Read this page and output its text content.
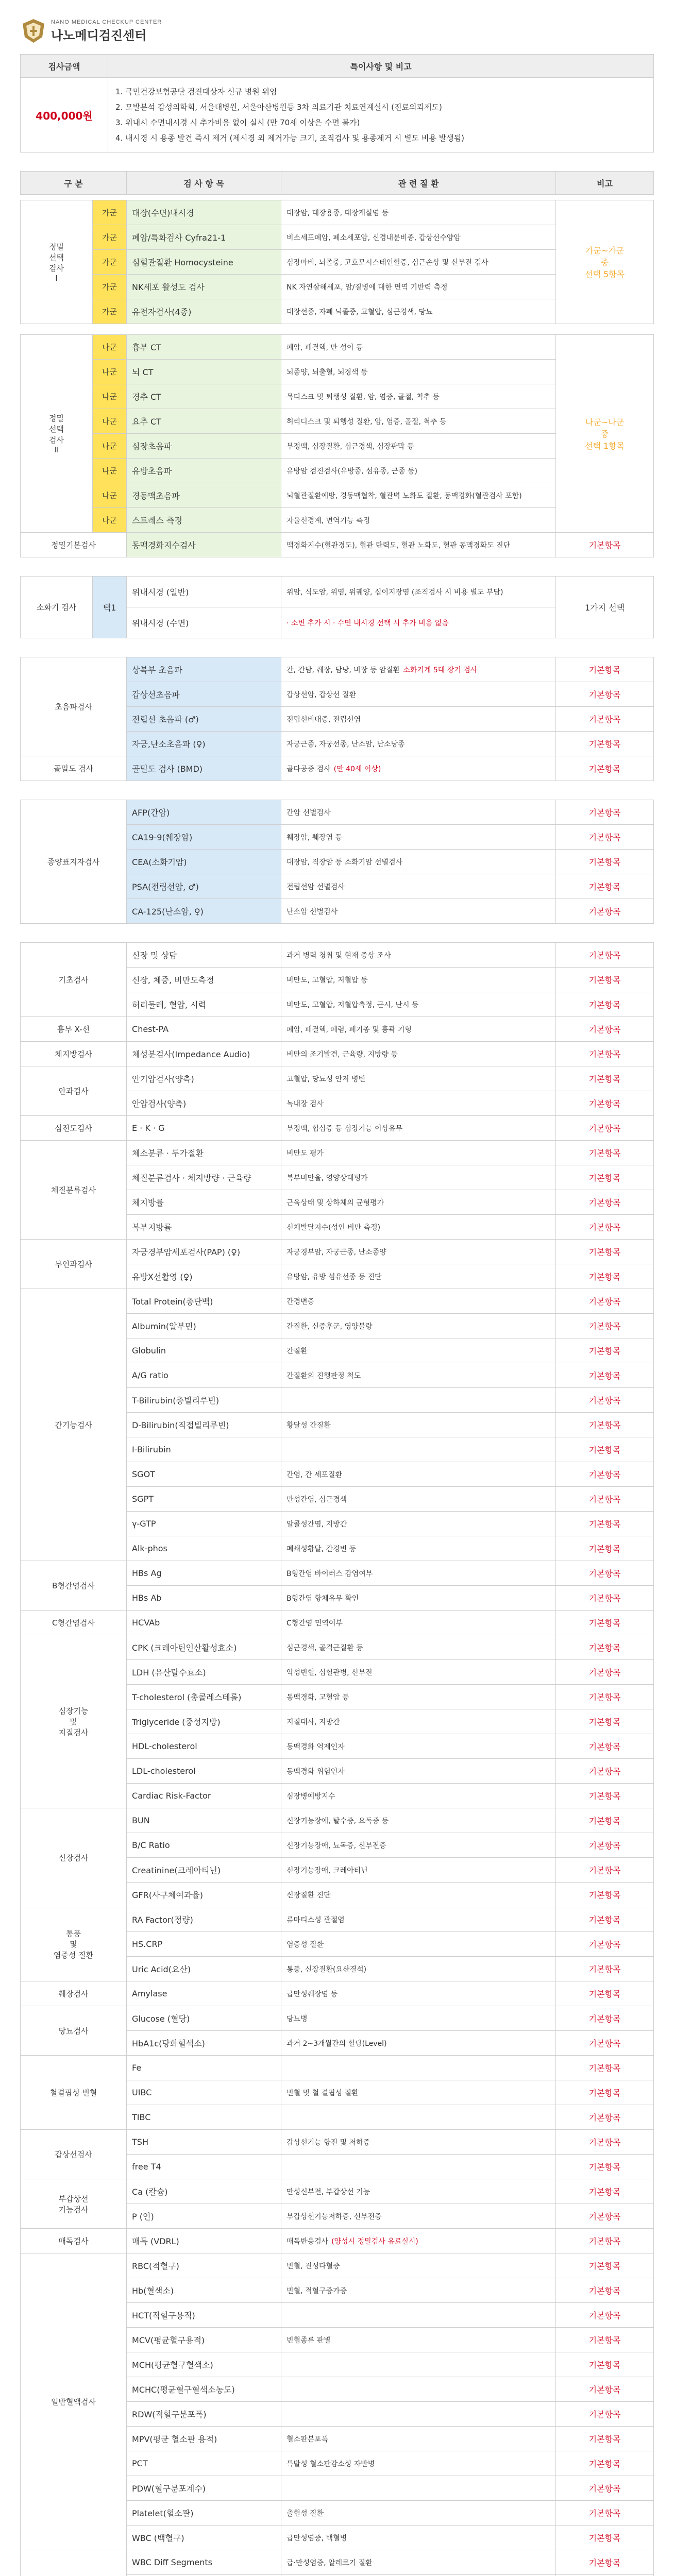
NANO MEDICAL CHECKUP CENTER
나노메디검진센터
검사금액	특이사항 및 비고
400,000원	1. 국민건강보험공단 검진대상자 신규 병원 위임
2. 모발분석 감성의학회, 서울대병원, 서울아산병원등 3차 의료기관 치료연계실시 (진료의뢰제도)
3. 위내시 수면내시경 시 추가비용 없이 실시 (만 70세 이상은 수면 불가)
4. 내시경 시 용종 발견 즉시 제거 (제시경 외 제거가능 크기, 조직검사 및 용종제거 시 별도 비용 발생됨)
구 분		검 사 항 목	관 련 질 환	비고

정밀
선택
검사
Ⅰ	가군	대장(수면)내시경	대장암, 대장용종, 대장게실염 등	가군~가군
중
선택 5항목
	가군	폐암/특화검사 Cyfra21-1	비소세포폐암, 폐소세포암, 신경내분비종, 갑상선수양암	
	가군	심혈관질환 Homocysteine	심장마비, 뇌졸중, 고호모시스테인혈증, 심근손상 및 신부전 검사	
	가군	NK세포 활성도 검사	NK 자연살해세포, 암/질병에 대한 면역 기반력 측정	
	가군	유전자검사(4종)	대장선종, 자폐 뇌졸중, 고혈압, 심근경색, 당뇨	

정밀
선택
검사
Ⅱ	나군	흉부 CT	폐암, 폐결핵, 만 성이 등	나군~나군
중
선택 1항목
	나군	뇌 CT	뇌종양, 뇌출혈, 뇌경색 등	
	나군	경추 CT	목디스크 및 퇴행성 질환, 암, 염증, 골절, 척추 등	
	나군	요추 CT	허리디스크 및 퇴행성 질환, 암, 염증, 골절, 척추 등	
	나군	심장초음파	부정맥, 심장질환, 심근경색, 심장판막 등	
	나군	유방초음파	유방암 검진검사(유방종, 섬유종, 근종 등)	
	나군	경동맥초음파	뇌혈관질환예방, 경동맥협착, 혈관벽 노화도 질환, 동맥경화(혈관검사 포함)	
	나군	스트레스 측정	자율신경계, 면역기능 측정	
정밀기본검사		동맥경화지수검사	맥경화지수(혈관경도), 혈관 탄력도, 혈관 노화도, 혈관 동맥경화도 진단	기본항목

소화기 검사	택1	위내시경 (일반)	위암, 식도암, 위염, 위궤양, 십이지장염 (조직검사 시 비용 별도 부담)	1가지 선택
		위내시경 (수면)	· 소변 추가 시 · 수면 내시경 선택 시 추가 비용 없음	

초음파검사		상복부 초음파	간, 간담, 췌장, 담낭, 비장 등 암질환 소화기계 5대 장기 검사	기본항목
		갑상선초음파	갑상선암, 갑상선 질환	기본항목
		전립선 초음파 (♂)	전립선비대증, 전립선염	기본항목
		자궁,난소초음파 (♀)	자궁근종, 자궁선종, 난소암, 난소낭종	기본항목
골밀도 검사		골밀도 검사 (BMD)	골다공증 검사 (만 40세 이상)	기본항목

종양표지자검사		AFP(간암)	간암 선별검사	기본항목
		CA19-9(췌장암)	췌장암, 췌장염 등	기본항목
		CEA(소화기암)	대장암, 직장암 등 소화기암 선별검사	기본항목
		PSA(전립선암, ♂)	전립선암 선별검사	기본항목
		CA-125(난소암, ♀)	난소암 선별검사	기본항목

기초검사		신장 및 상담	과거 병력 청취 및 현재 증상 조사	기본항목
		신장, 체중, 비만도측정	비만도, 고혈압, 저혈압 등	기본항목
		허리둘레, 혈압, 시력	비만도, 고혈압, 저혈압측정, 근시, 난시 등	기본항목
흉부 X-선		Chest-PA	폐암, 폐결핵, 폐렴, 폐기종 및 흉곽 기형	기본항목
체지방검사		체성분검사(Impedance Audio)	비만의 조기발견, 근육량, 지방량 등	기본항목
안과검사		안기압검사(양측)	고혈압, 당뇨성 안저 병변	기본항목
		안압검사(양측)	녹내장 검사	기본항목
심전도검사		E · K · G	부정맥, 협심증 등 심장기능 이상유무	기본항목
체질분류검사		체소분류 · 두가절환	비만도 평가	기본항목
		체질분류검사 · 체지방량 · 근육량	복부비만율, 영양상태평가	기본항목
		체지방률	근육상태 및 상하체의 균형평가	기본항목
		복부지방률	신체발달지수(성인 비만 측정)	기본항목
부인과검사		자궁경부암세포검사(PAP) (♀)	자궁경부암, 자궁근종, 난소종양	기본항목
		유방X선촬영 (♀)	유방암, 유방 섬유선종 등 진단	기본항목
간기능검사		Total Protein(총단백)	간경변증	기본항목
		Albumin(알부민)	간질환, 신증후군, 영양불량	기본항목
		Globulin	간질환	기본항목
		A/G ratio	간질환의 진행판정 척도	기본항목
		T-Bilirubin(총빌리루빈)		기본항목
		D-Bilirubin(직접빌리루빈)	황달성 간질환	기본항목
		I-Bilirubin		기본항목
		SGOT	간염, 간 세포질환	기본항목
		SGPT	만성간염, 심근경색	기본항목
		γ-GTP	알콜성간염, 지방간	기본항목
		Alk-phos	폐쇄성황달, 간경변 등	기본항목
B형간염검사		HBs Ag	B형간염 바이러스 감염여부	기본항목
		HBs Ab	B형간염 항체유무 확인	기본항목
C형간염검사		HCVAb	C형간염 면역여부	기본항목
심장기능
및
지질검사		CPK (크레아틴인산활성효소)	심근경색, 골격근질환 등	기본항목
		LDH (유산탈수효소)	악성빈혈, 심혈관병, 신부전	기본항목
		T-cholesterol (총콜레스테롤)	동맥경화, 고혈압 등	기본항목
		Triglyceride (중성지방)	지질대사, 지방간	기본항목
		HDL-cholesterol	동맥경화 억제인자	기본항목
		LDL-cholesterol	동맥경화 위험인자	기본항목
		Cardiac Risk-Factor	심장병예방지수	기본항목
신장검사		BUN	신장기능장애, 탈수증, 요독증 등	기본항목
		B/C Ratio	신장기능장애, 뇨독증, 신부전증	기본항목
		Creatinine(크레아티닌)	신장기능장애, 크레아티닌	기본항목
		GFR(사구체여과율)	신장질환 진단	기본항목
통풍
및
염증성 질환		RA Factor(정량)	류마티스성 관절염	기본항목
		HS.CRP	염증성 질환	기본항목
		Uric Acid(요산)	통풍, 신장질환(요산결석)	기본항목
췌장검사		Amylase	급만성췌장염 등	기본항목
당뇨검사		Glucose (혈당)	당뇨병	기본항목
		HbA1c(당화혈색소)	과거 2~3개월간의 혈당(Level)	기본항목
철결핍성 빈혈		Fe		기본항목
		UIBC	빈혈 및 철 결핍성 질환	기본항목
		TIBC		기본항목
갑상선검사		TSH	갑상선기능 항진 및 저하증	기본항목
		free T4		기본항목
부갑상선
기능검사		Ca (칼슘)	만성신부전, 부갑상선 기능	기본항목
		P (인)	부갑상선기능저하증, 신부전증	기본항목
매독검사		매독 (VDRL)	매독반응검사 (양성시 정밀검사 유료실시)	기본항목
일반혈액검사		RBC(적혈구)	빈혈, 진성다혈증	기본항목
		Hb(혈색소)	빈혈, 적혈구증가증	기본항목
		HCT(적혈구용적)		기본항목
		MCV(평균혈구용적)	빈혈종류 판별	기본항목
		MCH(평균혈구혈색소)		기본항목
		MCHC(평균혈구혈색소농도)		기본항목
		RDW(적혈구분포폭)		기본항목
		MPV(평균 혈소판 용적)	혈소판분포폭	기본항목
		PCT	특발성 혈소판감소성 자반병	기본항목
		PDW(혈구분포계수)		기본항목
		Platelet(혈소판)	출혈성 질환	기본항목
		WBC (백혈구)	급만성염증, 백혈병	기본항목
	WBC Diff Segments	급·만성염증, 알레르기 질환	기본항목
